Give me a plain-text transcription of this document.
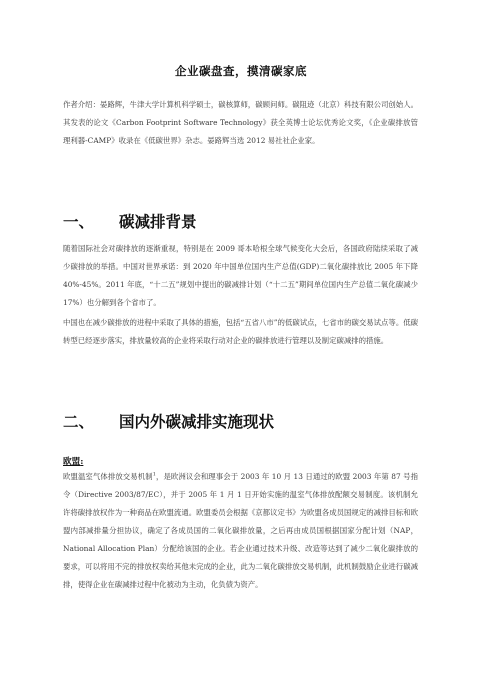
企业碳盘查，摸清碳家底
作者介绍：晏路辉，牛津大学计算机科学硕士，碳核算师，碳顾问师。碳阻迹（北京）科技有限公司创始人。其发表的论文《Carbon Footprint Software Technology》获全英博士论坛优秀论文奖，《企业碳排放管理利器-CAMP》收录在《低碳世界》杂志。晏路辉当选 2012 易社社企业家。
一、 碳减排背景
随着国际社会对碳排放的逐渐重视，特别是在 2009 哥本哈根全球气候变化大会后，各国政府陆续采取了减少碳排放的举措。中国对世界承诺：到 2020 年中国单位国内生产总值(GDP)二氧化碳排放比 2005 年下降 40%-45%。2011 年底，“十二五”规划中提出的碳减排计划（“十二五”期间单位国内生产总值二氧化碳减少 17%）也分解到各个省市了。
中国也在减少碳排放的进程中采取了具体的措施，包括“五省八市”的低碳试点，七省市的碳交易试点等。低碳转型已经逐步落实，排放量较高的企业将采取行动对企业的碳排放进行管理以及制定碳减排的措施。
二、 国内外碳减排实施现状
欧盟:
欧盟温室气体排放交易机制$^1$，是欧洲议会和理事会于 2003 年 10 月 13 日通过的欧盟 2003 年第 87 号指令（Directive 2003/87/EC），并于 2005 年 1 月 1 日开始实施的温室气体排放配额交易制度。该机制允许将碳排放权作为一种商品在欧盟流通。欧盟委员会根据《京都议定书》为欧盟各成员国规定的减排目标和欧盟内部减排量分担协议，确定了各成员国的二氧化碳排放量，之后再由成员国根据国家分配计划（NAP，National Allocation Plan）分配给该国的企业。若企业通过技术升级、改造等达到了减少二氧化碳排放的要求，可以将用不完的排放权卖给其他未完成的企业，此为二氧化碳排放交易机制，此机制鼓励企业进行碳减排，使得企业在碳减排过程中化被动为主动，化负债为资产。
